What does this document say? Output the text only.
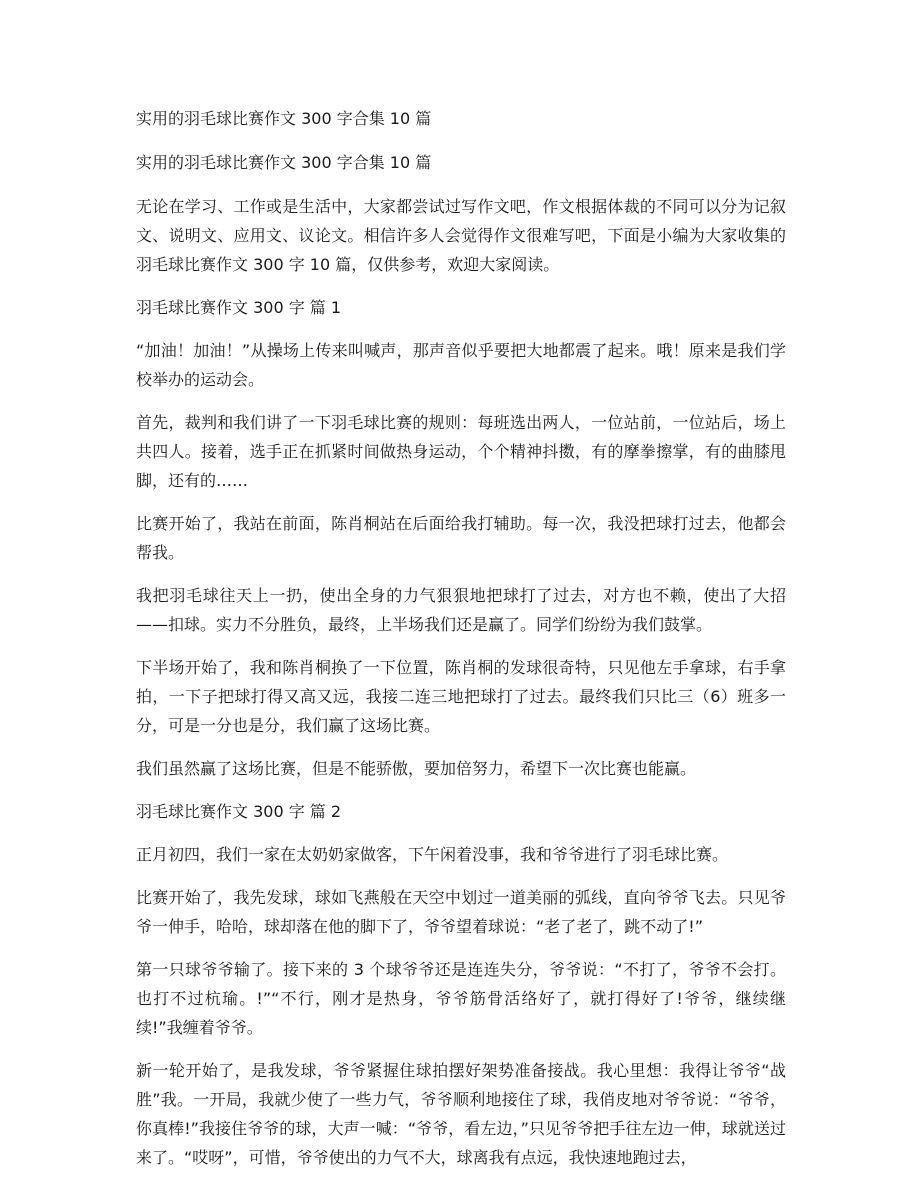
实用的羽毛球比赛作文 300 字合集 10 篇

实用的羽毛球比赛作文 300 字合集 10 篇

无论在学习、工作或是生活中，大家都尝试过写作文吧，作文根据体裁的不同可以分为记叙文、说明文、应用文、议论文。相信许多人会觉得作文很难写吧，下面是小编为大家收集的羽毛球比赛作文 300 字 10 篇，仅供参考，欢迎大家阅读。

羽毛球比赛作文 300 字 篇 1

“加油！加油！”从操场上传来叫喊声，那声音似乎要把大地都震了起来。哦！原来是我们学校举办的运动会。

首先，裁判和我们讲了一下羽毛球比赛的规则：每班选出两人，一位站前，一位站后，场上共四人。接着，选手正在抓紧时间做热身运动，个个精神抖擞，有的摩拳擦掌，有的曲膝甩脚，还有的……

比赛开始了，我站在前面，陈肖桐站在后面给我打辅助。每一次，我没把球打过去，他都会帮我。

我把羽毛球往天上一扔，使出全身的力气狠狠地把球打了过去，对方也不赖，使出了大招——扣球。实力不分胜负，最终，上半场我们还是赢了。同学们纷纷为我们鼓掌。

下半场开始了，我和陈肖桐换了一下位置，陈肖桐的发球很奇特，只见他左手拿球，右手拿拍，一下子把球打得又高又远，我接二连三地把球打了过去。最终我们只比三（6）班多一分，可是一分也是分，我们赢了这场比赛。

我们虽然赢了这场比赛，但是不能骄傲，要加倍努力，希望下一次比赛也能赢。

羽毛球比赛作文 300 字 篇 2

正月初四，我们一家在太奶奶家做客，下午闲着没事，我和爷爷进行了羽毛球比赛。

比赛开始了，我先发球，球如飞燕般在天空中划过一道美丽的弧线，直向爷爷飞去。只见爷爷一伸手，哈哈，球却落在他的脚下了，爷爷望着球说：“老了老了，跳不动了!”

第一只球爷爷输了。接下来的 3 个球爷爷还是连连失分，爷爷说：“不打了，爷爷不会打。也打不过杭瑜。!”“不行，刚才是热身，爷爷筋骨活络好了，就打得好了!爷爷，继续继续!”我缠着爷爷。

新一轮开始了，是我发球，爷爷紧握住球拍摆好架势准备接战。我心里想：我得让爷爷“战胜”我。一开局，我就少使了一些力气，爷爷顺利地接住了球，我俏皮地对爷爷说：“爷爷，你真棒!”我接住爷爷的球，大声一喊：“爷爷，看左边，”只见爷爷把手往左边一伸，球就送过来了。“哎呀”，可惜，爷爷使出的力气不大，球离我有点远，我快速地跑过去，
